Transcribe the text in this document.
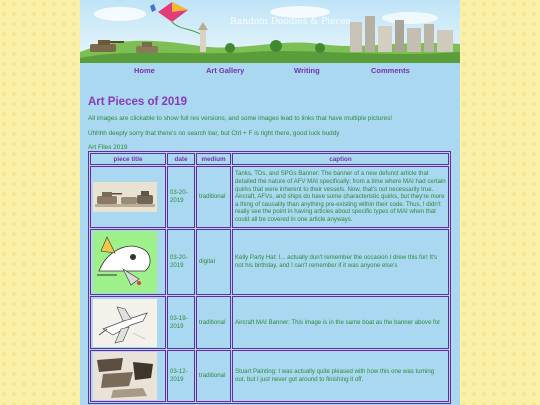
Random Doodles & Pieces
Home	Art Gallery	Writing	Comments
Art Pieces of 2019

All images are clickable to show full res versions, and some images lead to links that have multiple pictures!

Uhhhh deeply sorry that there's no search bar, but Ctrl + F is right there, good luck buddy

Art Files 2019
piece title	date	medium	caption

	03-20-2019	traditional	Tanks, TDs, and SPGs Banner: The banner of a new defunct article that detailed the nature of AFV MAI specifically; from a time where MAI had certain quirks that were inherent to their vessels. Now, that's not necessarily true. Aircraft, AFVs, and ships do have some characteristic quirks, but they're more a thing of causality than anything pre-existing within their code. Thus, I didn't really see the point in having articles about specific types of MAI when that could all be covered in one article anyways.

	03-20-2019	digital	Kelly Party Hat: I... actually don't remember the occasion I drew this for! It's not his birthday, and I can't remember if it was anyone else's

	03-19-2019	traditional	Aircraft MAI Banner: This image is in the same boat as the banner above for

	03-12-2019	traditional	Stuart Painting: I was actually quite pleased with how this one was turning out, but I just never got around to finishing it off.
